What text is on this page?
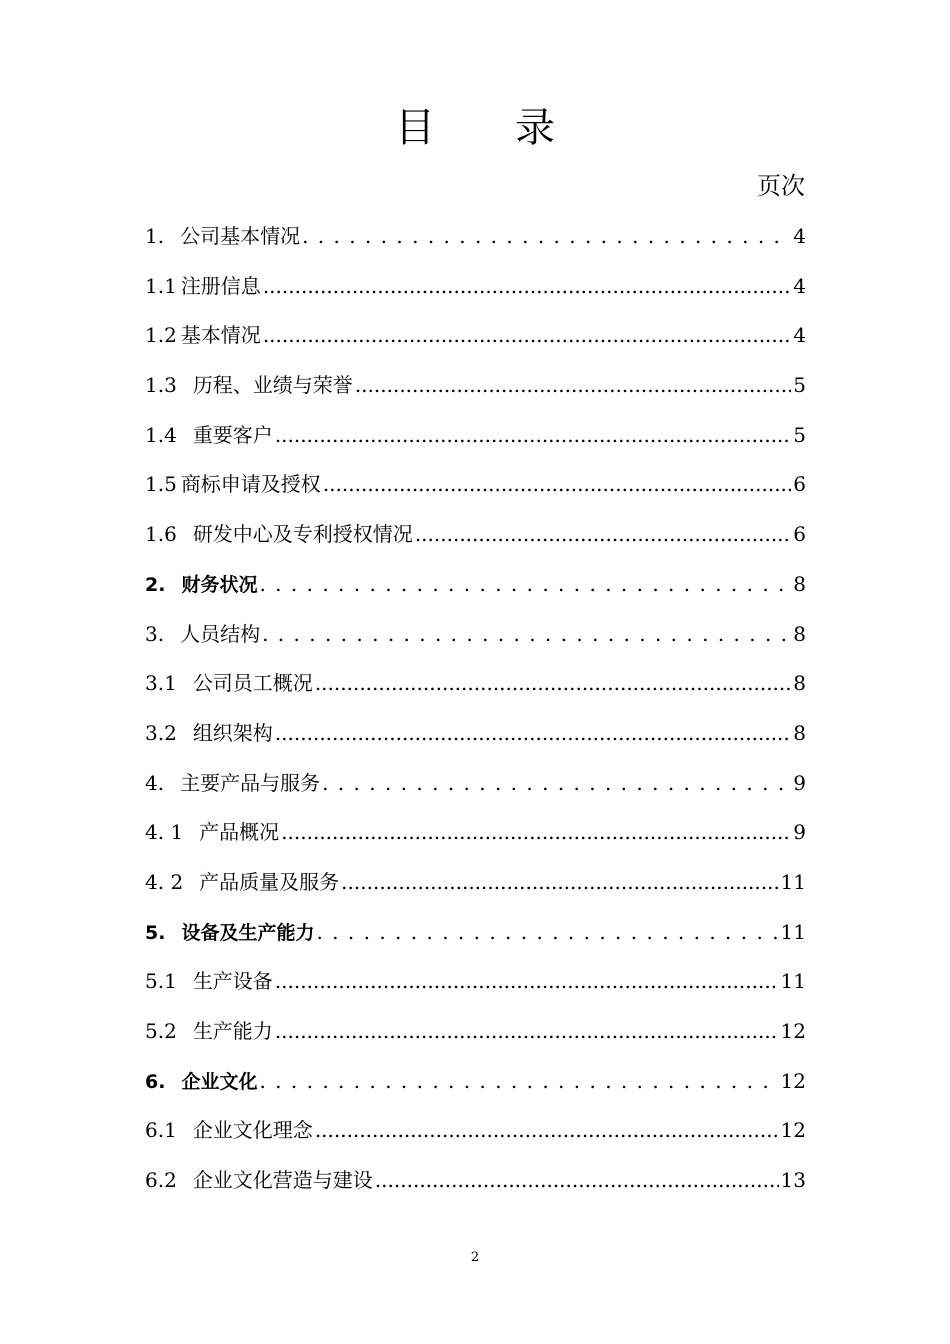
目 录
页次
1. 公司基本情况 . . .	4
1.1 注册信息 .....	4
1.2 基本情况 .....	4
1.3 历程、业绩与荣誉 .....	5
1.4 重要客户 .....	5
1.5 商标申请及授权 .....	6
1.6 研发中心及专利授权情况 .....	6
2. 财务状况 . . .	8
3. 人员结构 . . .	8
3.1 公司员工概况 .....	8
3.2 组织架构 .....	8
4. 主要产品与服务 . . .	9
4. 1 产品概况 .....	9
4. 2 产品质量及服务 .....	11
5. 设备及生产能力 . . .	11
5.1 生产设备 .....	11
5.2 生产能力 .....	12
6. 企业文化 . . .	12
6.1 企业文化理念 .....	12
6.2 企业文化营造与建设 .....	13
2
